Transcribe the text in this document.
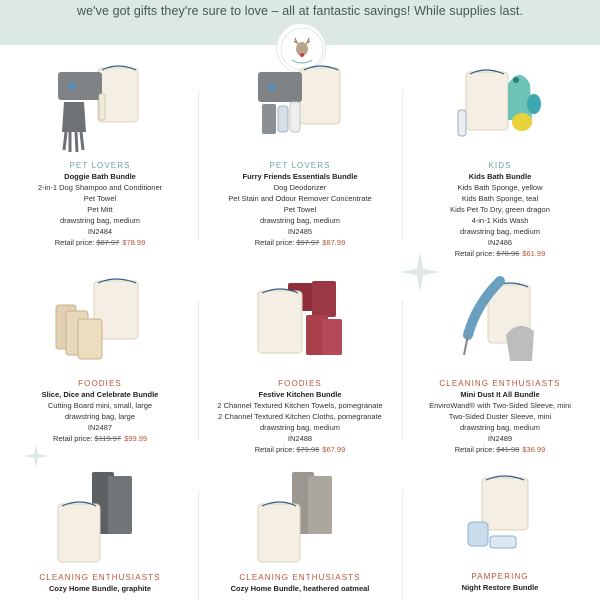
we've got gifts they're sure to love – all at fantastic savings! While supplies last.
PET LOVERS
Doggie Bath Bundle
2-in-1 Dog Shampoo and Conditioner
Pet Towel
Pet Mitt
drawstring bag, medium
IN2484
Retail price: $87.97 $78.99
PET LOVERS
Furry Friends Essentials Bundle
Dog Deodorizer
Pet Stain and Odour Remover Concentrate
Pet Towel
drawstring bag, medium
IN2485
Retail price: $97.97 $87.99
KIDS
Kids Bath Bundle
Kids Bath Sponge, yellow
Kids Bath Sponge, teal
Kids Pet To Dry, green dragon
4-in-1 Kids Wash
drawstring bag, medium
IN2486
Retail price: $70.96 $61.99
FOODIES
Slice, Dice and Celebrate Bundle
Cutting Board mini, small, large
drawstring bag, large
IN2487
Retail price: $119.97 $99.99
FOODIES
Festive Kitchen Bundle
2 Channel Textured Kitchen Towels, pomegranate
2 Channel Textured Kitchen Cloths, pomegranate
drawstring bag, medium
IN2488
Retail price: $79.96 $67.99
CLEANING ENTHUSIASTS
Mini Dust It All Bundle
EnviroWand® with Two-Sided Sleeve, mini
Two-Sided Duster Sleeve, mini
drawstring bag, medium
IN2489
Retail price: $41.98 $36.99
CLEANING ENTHUSIASTS
Cozy Home Bundle, graphite
CLEANING ENTHUSIASTS
Cozy Home Bundle, heathered oatmeal
PAMPERING
Night Restore Bundle
